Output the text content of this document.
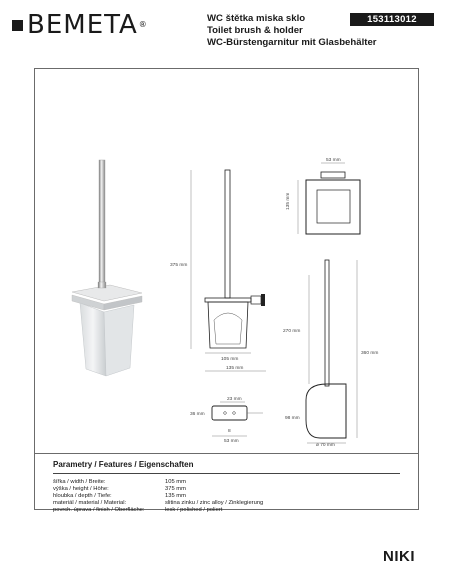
BEMETA®
WC štětka miska sklo
Toilet brush & holder
WC-Bürstengarnitur mit Glasbehälter
153113012
53 mm
135 mm
375 mm
105 mm
135 mm
270 mm
360 mm
98 mm
ø 70 mm
23 mm
36 mm
8
53 mm
Parametry / Features / Eigenschaften
šířka / width / Breite:	105 mm
výška / height / Höhe:	375 mm
hloubka / depth / Tiefe:	135 mm
materiál / material / Material:	slitina zinku / zinc alloy / Zinklegierung
povrch. úprava / finish / Oberfläche:	lesk / polished / poliert
NIKI
